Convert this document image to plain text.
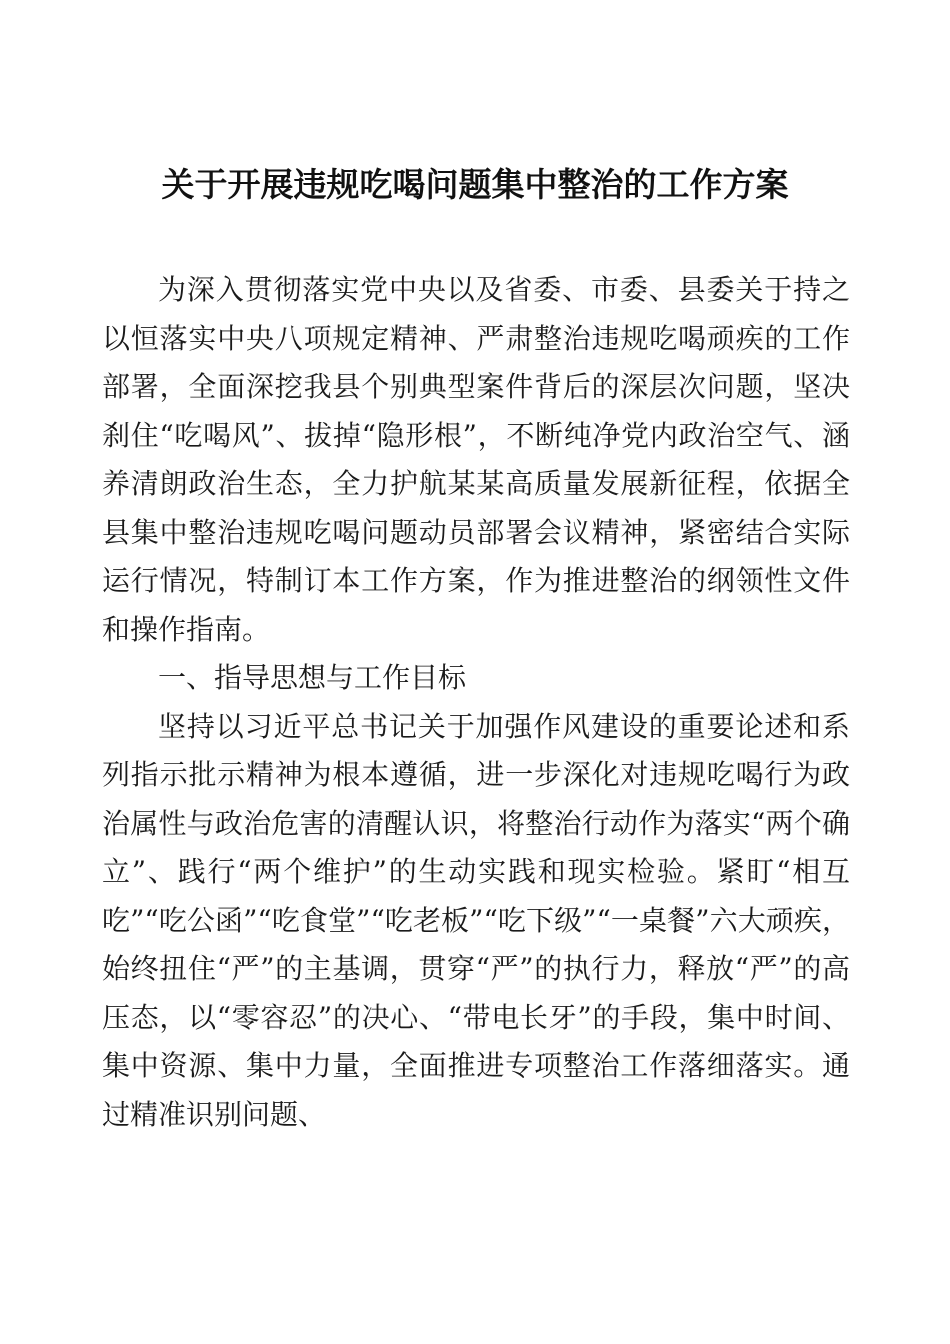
关于开展违规吃喝问题集中整治的工作方案

为深入贯彻落实党中央以及省委、市委、县委关于持之以恒落实中央八项规定精神、严肃整治违规吃喝顽疾的工作部署，全面深挖我县个别典型案件背后的深层次问题，坚决刹住“吃喝风”、拔掉“隐形根”，不断纯净党内政治空气、涵养清朗政治生态，全力护航某某高质量发展新征程，依据全县集中整治违规吃喝问题动员部署会议精神，紧密结合实际运行情况，特制订本工作方案，作为推进整治的纲领性文件和操作指南。

一、指导思想与工作目标

坚持以习近平总书记关于加强作风建设的重要论述和系列指示批示精神为根本遵循，进一步深化对违规吃喝行为政治属性与政治危害的清醒认识，将整治行动作为落实“两个确立”、践行“两个维护”的生动实践和现实检验。紧盯“相互吃”“吃公函”“吃食堂”“吃老板”“吃下级”“一桌餐”六大顽疾，始终扭住“严”的主基调，贯穿“严”的执行力，释放“严”的高压态，以“零容忍”的决心、“带电长牙”的手段，集中时间、集中资源、集中力量，全面推进专项整治工作落细落实。通过精准识别问题、
